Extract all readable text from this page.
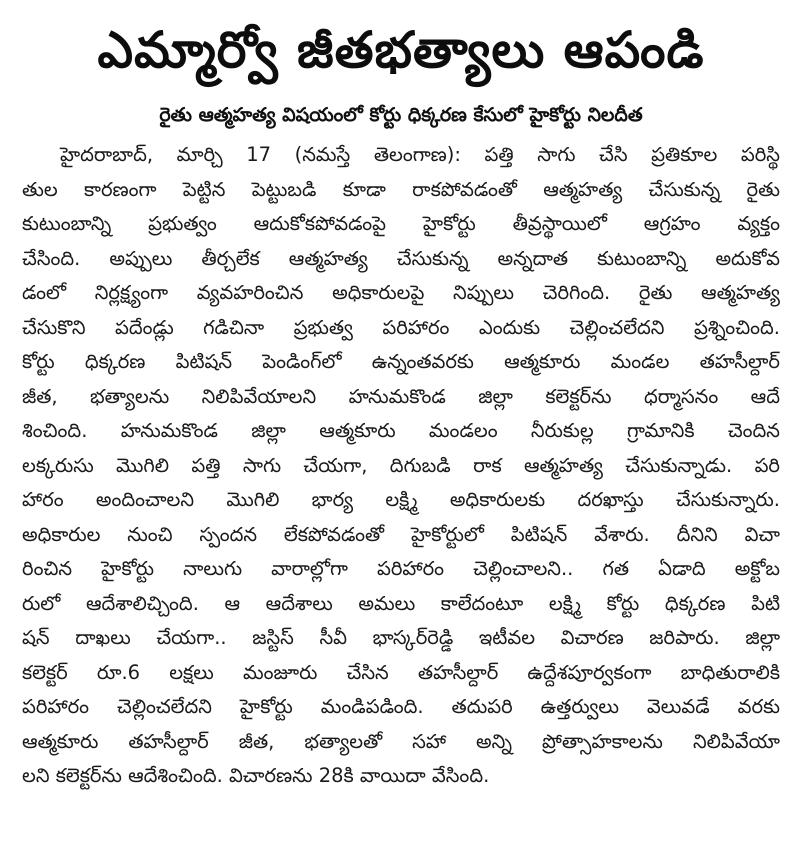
ఎమ్మార్వో జీతభత్యాలు ఆపండి
రైతు ఆత్మహత్య విషయంలో కోర్టు ధిక్కరణ కేసులో హైకోర్టు నిలదీత
హైదరాబాద్, మార్చి 17 (నమస్తే తెలంగాణ): పత్తి సాగు చేసి ప్రతికూల పరిస్థి
తుల కారణంగా పెట్టిన పెట్టుబడి కూడా రాకపోవడంతో ఆత్మహత్య చేసుకున్న రైతు
కుటుంబాన్ని ప్రభుత్వం ఆదుకోకపోవడంపై హైకోర్టు తీవ్రస్థాయిలో ఆగ్రహం వ్యక్తం
చేసింది. అప్పులు తీర్చలేక ఆత్మహత్య చేసుకున్న అన్నదాత కుటుంబాన్ని అదుకోవ
డంలో నిర్లక్ష్యంగా వ్యవహరించిన అధికారులపై నిప్పులు చెరిగింది. రైతు ఆత్మహత్య
చేసుకొని పదేండ్లు గడిచినా ప్రభుత్వ పరిహారం ఎందుకు చెల్లించలేదని ప్రశ్నించింది.
కోర్టు ధిక్కరణ పిటిషన్ పెండింగ్‌లో ఉన్నంతవరకు ఆత్మకూరు మండల తహసీల్దార్
జీత, భత్యాలను నిలిపివేయాలని హనుమకొండ జిల్లా కలెక్టర్‌ను ధర్మాసనం ఆదే
శించింది. హనుమకొండ జిల్లా ఆత్మకూరు మండలం నీరుకుల్ల గ్రామానికి చెందిన
లక్కరుసు మొగిలి పత్తి సాగు చేయగా, దిగుబడి రాక ఆత్మహత్య చేసుకున్నాడు. పరి
హారం అందించాలని మొగిలి భార్య లక్ష్మి అధికారులకు దరఖాస్తు చేసుకున్నారు.
అధికారుల నుంచి స్పందన లేకపోవడంతో హైకోర్టులో పిటిషన్ వేశారు. దీనిని విచా
రించిన హైకోర్టు నాలుగు వారాల్లోగా పరిహారం చెల్లించాలని.. గత ఏడాది అక్టోబ
రులో ఆదేశాలిచ్చింది. ఆ ఆదేశాలు అమలు కాలేదంటూ లక్ష్మి కోర్టు ధిక్కరణ పిటి
షన్ దాఖలు చేయగా.. జస్టిస్ సీవీ భాస్కర్‌రెడ్డి ఇటీవల విచారణ జరిపారు. జిల్లా
కలెక్టర్ రూ.6 లక్షలు మంజూరు చేసిన తహసీల్దార్ ఉద్దేశపూర్వకంగా బాధితురాలికి
పరిహారం చెల్లించలేదని హైకోర్టు మండిపడింది. తదుపరి ఉత్తర్వులు వెలువడే వరకు
ఆత్మకూరు తహసీల్దార్ జీత, భత్యాలతో సహా అన్ని ప్రోత్సాహకాలను నిలిపివేయా
లని కలెక్టర్‌ను ఆదేశించింది. విచారణను 28కి వాయిదా వేసింది.
